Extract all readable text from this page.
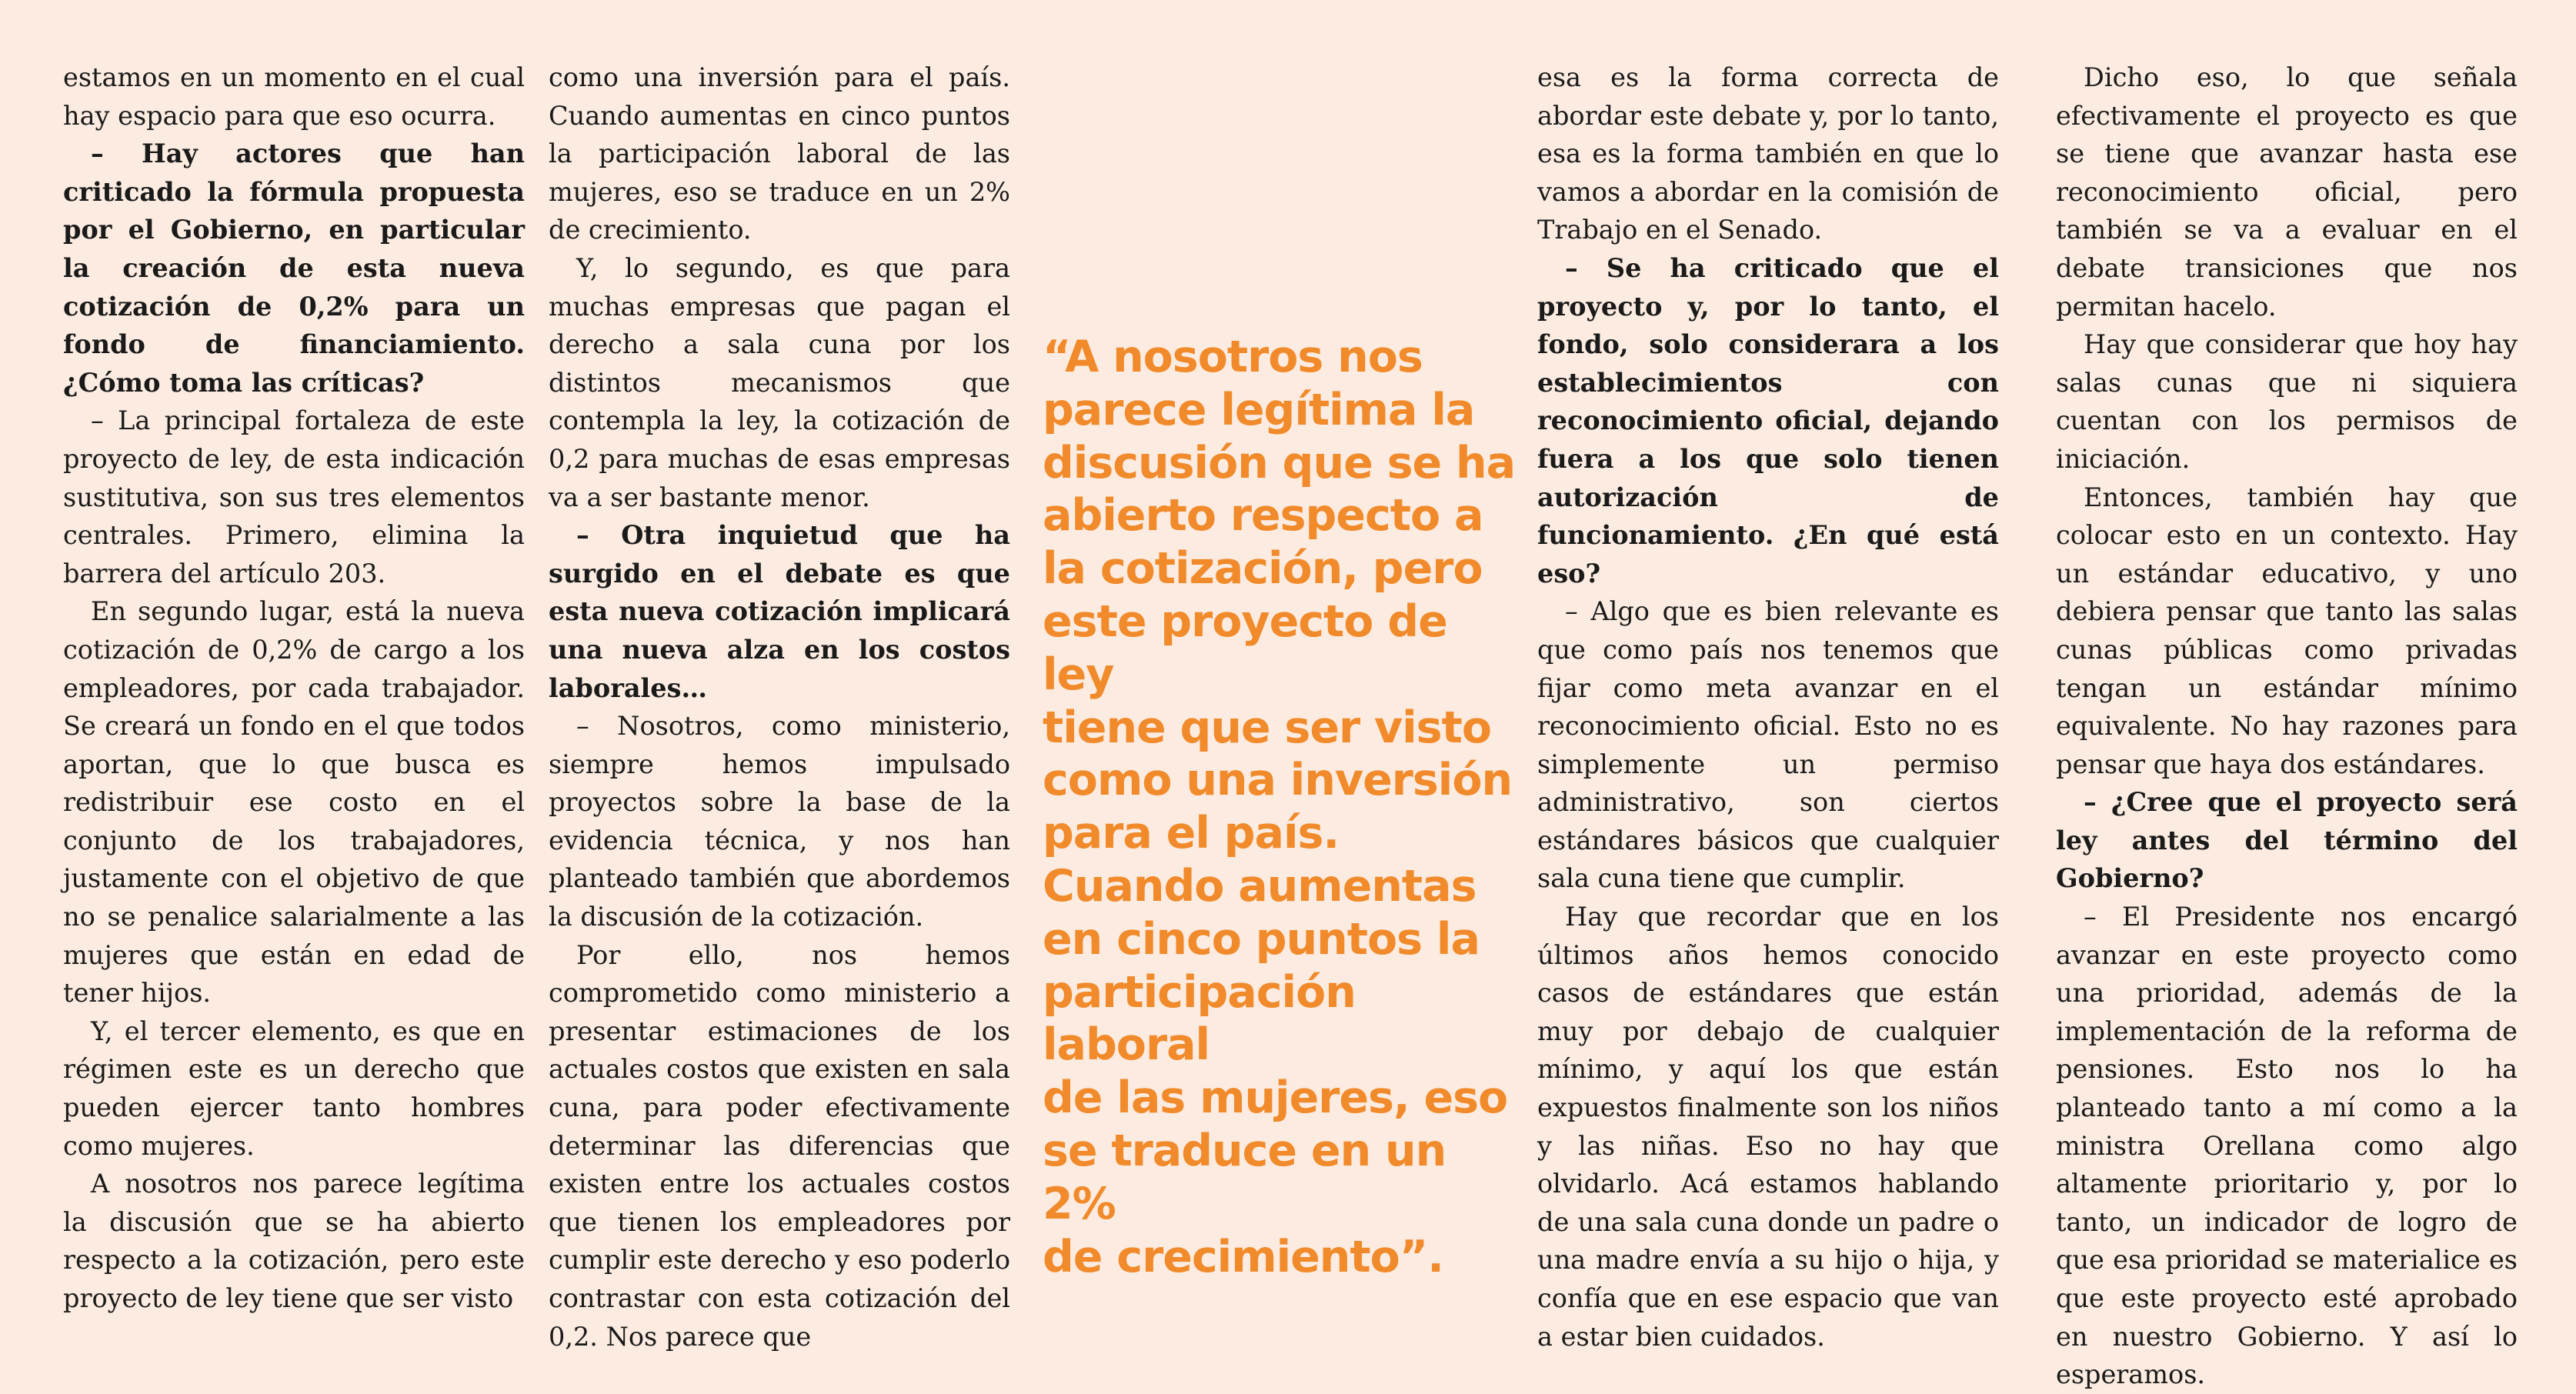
estamos en un momento en el cual hay espacio para que eso ocurra.

– Hay actores que han criticado la fórmula propuesta por el Gobierno, en particular la creación de esta nueva cotización de 0,2% para un fondo de financiamiento. ¿Cómo toma las críticas?

– La principal fortaleza de este proyecto de ley, de esta indicación sustitutiva, son sus tres elementos centrales. Primero, elimina la barrera del artículo 203.

En segundo lugar, está la nueva cotización de 0,2% de cargo a los empleadores, por cada trabajador. Se creará un fondo en el que todos aportan, que lo que busca es redistribuir ese costo en el conjunto de los trabajadores, justamente con el objetivo de que no se penalice salarialmente a las mujeres que están en edad de tener hijos.

Y, el tercer elemento, es que en régimen este es un derecho que pueden ejercer tanto hombres como mujeres.

A nosotros nos parece legítima la discusión que se ha abierto respecto a la cotización, pero este proyecto de ley tiene que ser visto

como una inversión para el país. Cuando aumentas en cinco puntos la participación laboral de las mujeres, eso se traduce en un 2% de crecimiento.

Y, lo segundo, es que para muchas empresas que pagan el derecho a sala cuna por los distintos mecanismos que contempla la ley, la cotización de 0,2 para muchas de esas empresas va a ser bastante menor.

– Otra inquietud que ha surgido en el debate es que esta nueva cotización implicará una nueva alza en los costos laborales…

– Nosotros, como ministerio, siempre hemos impulsado proyectos sobre la base de la evidencia técnica, y nos han planteado también que abordemos la discusión de la cotización.

Por ello, nos hemos comprometido como ministerio a presentar estimaciones de los actuales costos que existen en sala cuna, para poder efectivamente determinar las diferencias que existen entre los actuales costos que tienen los empleadores por cumplir este derecho y eso poderlo contrastar con esta cotización del 0,2. Nos parece que

“A nosotros nos
parece legítima la
discusión que se ha
abierto respecto a
la cotización, pero
este proyecto de ley
tiene que ser visto
como una inversión
para el país.
Cuando aumentas
en cinco puntos la
participación laboral
de las mujeres, eso
se traduce en un 2%
de crecimiento”.

esa es la forma correcta de abordar este debate y, por lo tanto, esa es la forma también en que lo vamos a abordar en la comisión de Trabajo en el Senado.

– Se ha criticado que el proyecto y, por lo tanto, el fondo, solo considerara a los establecimientos con reconocimiento oficial, dejando fuera a los que solo tienen autorización de funcionamiento. ¿En qué está eso?

– Algo que es bien relevante es que como país nos tenemos que fijar como meta avanzar en el reconocimiento oficial. Esto no es simplemente un permiso administrativo, son ciertos estándares básicos que cualquier sala cuna tiene que cumplir.

Hay que recordar que en los últimos años hemos conocido casos de estándares que están muy por debajo de cualquier mínimo, y aquí los que están expuestos finalmente son los niños y las niñas. Eso no hay que olvidarlo. Acá estamos hablando de una sala cuna donde un padre o una madre envía a su hijo o hija, y confía que en ese espacio que van a estar bien cuidados.

Dicho eso, lo que señala efectivamente el proyecto es que se tiene que avanzar hasta ese reconocimiento oficial, pero también se va a evaluar en el debate transiciones que nos permitan hacelo.

Hay que considerar que hoy hay salas cunas que ni siquiera cuentan con los permisos de iniciación.

Entonces, también hay que colocar esto en un contexto. Hay un estándar educativo, y uno debiera pensar que tanto las salas cunas públicas como privadas tengan un estándar mínimo equivalente. No hay razones para pensar que haya dos estándares.

– ¿Cree que el proyecto será ley antes del término del Gobierno?

– El Presidente nos encargó avanzar en este proyecto como una prioridad, además de la implementación de la reforma de pensiones. Esto nos lo ha planteado tanto a mí como a la ministra Orellana como algo altamente prioritario y, por lo tanto, un indicador de logro de que esa prioridad se materialice es que este proyecto esté aprobado en nuestro Gobierno. Y así lo esperamos.
